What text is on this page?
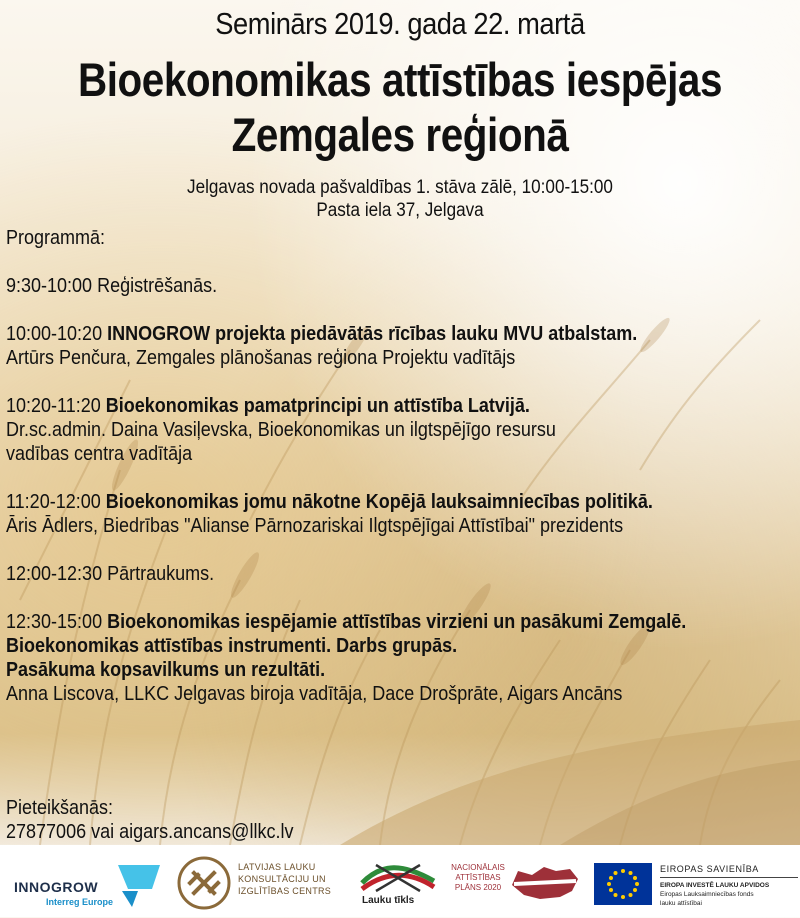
Seminārs 2019. gada 22. martā
Bioekonomikas attīstības iespējas
Zemgales reģionā
Jelgavas novada pašvaldības 1. stāva zālē, 10:00-15:00
Pasta iela 37, Jelgava

Programmā:

9:30-10:00 Reģistrēšanās.

10:00-10:20 INNOGROW projekta piedāvātās rīcības lauku MVU atbalstam.

Artūrs Penčura, Zemgales plānošanas reģiona Projektu vadītājs

10:20-11:20 Bioekonomikas pamatprincipi un attīstība Latvijā.

Dr.sc.admin. Daina Vasiļevska, Bioekonomikas un ilgtspējīgo resursu

vadības centra vadītāja

11:20-12:00 Bioekonomikas jomu nākotne Kopējā lauksaimniecības politikā.

Āris Ādlers, Biedrības "Alianse Pārnozariskai Ilgtspējīgai Attīstībai" prezidents

12:00-12:30 Pārtraukums.

12:30-15:00 Bioekonomikas iespējamie attīstības virzieni un pasākumi Zemgalē.

Bioekonomikas attīstības instrumenti. Darbs grupās.

Pasākuma kopsavilkums un rezultāti.

Anna Liscova, LLKC Jelgavas biroja vadītāja, Dace Drošprāte, Aigars Ancāns

Pieteikšanās:
27877006 vai aigars.ancans@llkc.lv
INNOGROW
Interreg Europe
LATVIJAS LAUKU
KONSULTĀCIJU UN
IZGLĪTĪBAS CENTRS
Lauku tīkls
NACIONĀLAIS
ATTĪSTĪBAS
PLĀNS 2020
EIROPAS SAVIENĪBA
EIROPA INVESTĒ LAUKU APVIDOS
Eiropas Lauksaimniecības fonds
lauku attīstībai
